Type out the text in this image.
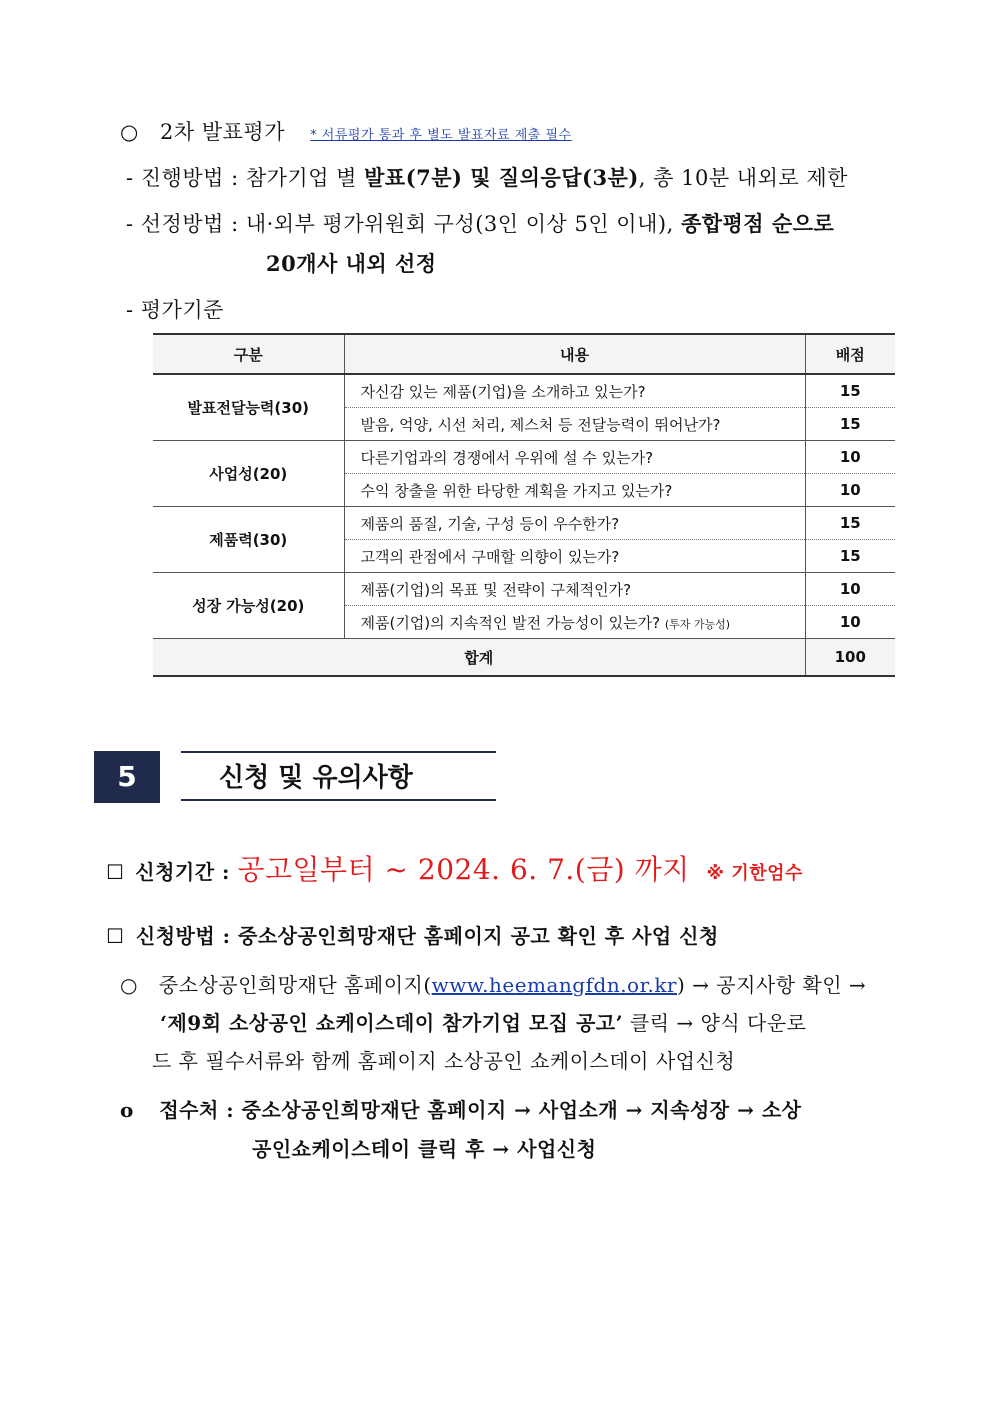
○ 2차 발표평가 * 서류평가 통과 후 별도 발표자료 제출 필수
- 진행방법 : 참가기업 별 발표(7분) 및 질의응답(3분), 총 10분 내외로 제한
- 선정방법 : 내·외부 평가위원회 구성(3인 이상 5인 이내), 종합평점 순으로
20개사 내외 선정
- 평가기준
구분	내용	배점
발표전달능력(30)	자신감 있는 제품(기업)을 소개하고 있는가?	15
	발음, 억양, 시선 처리, 제스처 등 전달능력이 뛰어난가?	15
사업성(20)	다른기업과의 경쟁에서 우위에 설 수 있는가?	10
	수익 창출을 위한 타당한 계획을 가지고 있는가?	10
제품력(30)	제품의 품질, 기술, 구성 등이 우수한가?	15
	고객의 관점에서 구매할 의향이 있는가?	15
성장 가능성(20)	제품(기업)의 목표 및 전략이 구체적인가?	10
	제품(기업)의 지속적인 발전 가능성이 있는가? (투자 가능성)	10
합계		100
5	신청 및 유의사항
☐ 신청기간 : 공고일부터 ~ 2024. 6. 7.(금) 까지 ※ 기한엄수
☐ 신청방법 : 중소상공인희망재단 홈페이지 공고 확인 후 사업 신청
○ 중소상공인희망재단 홈페이지(www.heemangfdn.or.kr) → 공지사항 확인 →
‘제9회 소상공인 쇼케이스데이 참가기업 모집 공고’ 클릭 → 양식 다운로
드 후 필수서류와 함께 홈페이지 소상공인 쇼케이스데이 사업신청
o 접수처 : 중소상공인희망재단 홈페이지 → 사업소개 → 지속성장 → 소상
공인쇼케이스테이 클릭 후 → 사업신청
